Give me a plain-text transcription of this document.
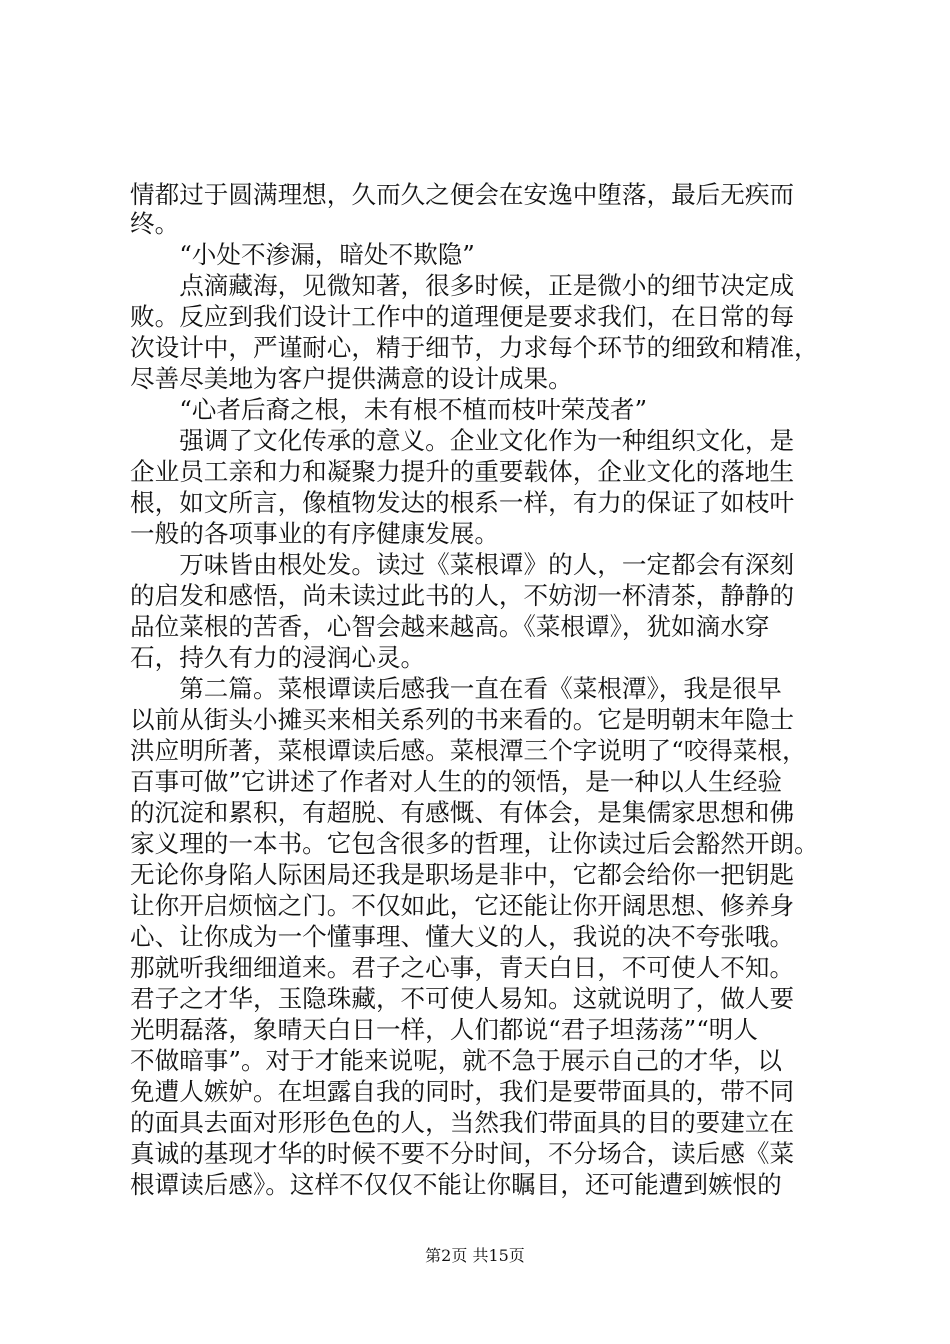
情都过于圆满理想，久而久之便会在安逸中堕落，最后无疾而
终。
　　“小处不渗漏，暗处不欺隐”
　　点滴藏海，见微知著，很多时候，正是微小的细节决定成
败。反应到我们设计工作中的道理便是要求我们，在日常的每
次设计中，严谨耐心，精于细节，力求每个环节的细致和精准，
尽善尽美地为客户提供满意的设计成果。
　　“心者后裔之根，未有根不植而枝叶荣茂者”
　　强调了文化传承的意义。企业文化作为一种组织文化，是
企业员工亲和力和凝聚力提升的重要载体，企业文化的落地生
根，如文所言，像植物发达的根系一样，有力的保证了如枝叶
一般的各项事业的有序健康发展。
　　万味皆由根处发。读过《菜根谭》的人，一定都会有深刻
的启发和感悟，尚未读过此书的人，不妨沏一杯清茶，静静的
品位菜根的苦香，心智会越来越高。《菜根谭》，犹如滴水穿
石，持久有力的浸润心灵。
　　第二篇。菜根谭读后感我一直在看《菜根潭》，我是很早
以前从街头小摊买来相关系列的书来看的。它是明朝末年隐士
洪应明所著，菜根谭读后感。菜根潭三个字说明了“咬得菜根，
百事可做”它讲述了作者对人生的的领悟，是一种以人生经验
的沉淀和累积，有超脱、有感慨、有体会，是集儒家思想和佛
家义理的一本书。它包含很多的哲理，让你读过后会豁然开朗。
无论你身陷人际困局还我是职场是非中，它都会给你一把钥匙
让你开启烦恼之门。不仅如此，它还能让你开阔思想、修养身
心、让你成为一个懂事理、懂大义的人，我说的决不夸张哦。
那就听我细细道来。君子之心事，青天白日，不可使人不知。
君子之才华，玉隐珠藏，不可使人易知。这就说明了，做人要
光明磊落，象晴天白日一样，人们都说“君子坦荡荡”“明人
不做暗事”。对于才能来说呢，就不急于展示自己的才华，以
免遭人嫉妒。在坦露自我的同时，我们是要带面具的，带不同
的面具去面对形形色色的人，当然我们带面具的目的要建立在
真诚的基现才华的时候不要不分时间，不分场合，读后感《菜
根谭读后感》。这样不仅仅不能让你瞩目，还可能遭到嫉恨的
第2页 共15页
